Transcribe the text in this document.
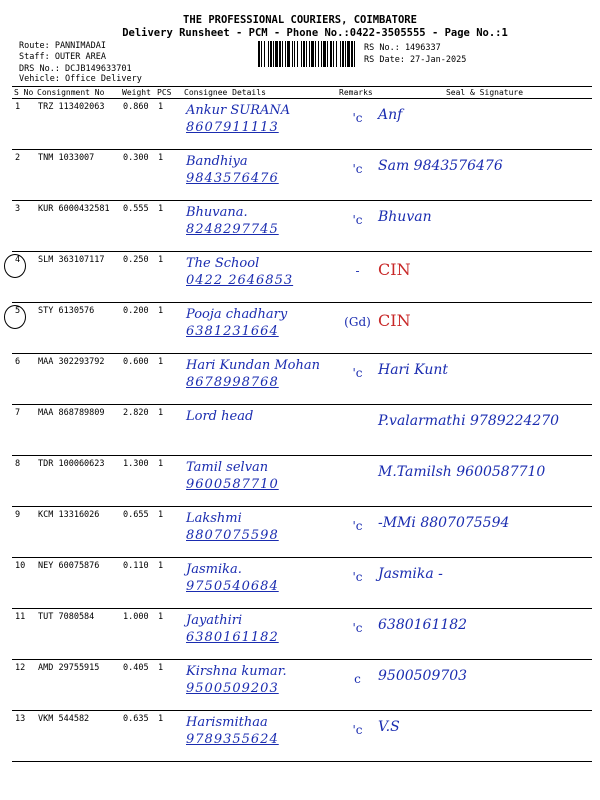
THE PROFESSIONAL COURIERS, COIMBATORE
Delivery Runsheet - PCM - Phone No.:0422-3505555 - Page No.:1
Route: PANNIMADAI
Staff: OUTER AREA
DRS No.: DCJB149633701
Vehicle: Office Delivery
RS No.: 1496337
RS Date: 27-Jan-2025
S No	Consignment No	Weight	PCS	Consignee Details	Remarks	Seal & Signature
1	TRZ 113402063	0.860	1	Ankur SURANA
8607911113	'c	Anf
2	TNM 1033007	0.300	1	Bandhiya
9843576476	'c	Sam 9843576476
3	KUR 6000432581	0.555	1	Bhuvana.
8248297745	'c	Bhuvan
4	SLM 363107117	0.250	1	The School
0422 2646853	-	CIN
5	STY 6130576	0.200	1	Pooja chadhary
6381231664	(Gd)	CIN
6	MAA 302293792	0.600	1	Hari Kundan Mohan
8678998768	'c	Hari Kunt
7	MAA 868789809	2.820	1	Lord head		P.valarmathi 9789224270
8	TDR 100060623	1.300	1	Tamil selvan
9600587710		M.Tamilsh 9600587710
9	KCM 13316026	0.655	1	Lakshmi
8807075598	'c	-MMi 8807075594
10	NEY 60075876	0.110	1	Jasmika.
9750540684	'c	Jasmika -
11	TUT 7080584	1.000	1	Jayathiri
6380161182	'c	6380161182
12	AMD 29755915	0.405	1	Kirshna kumar.
9500509203	c	9500509703
13	VKM 544582	0.635	1	Harismithaa
9789355624	'c	V.S
